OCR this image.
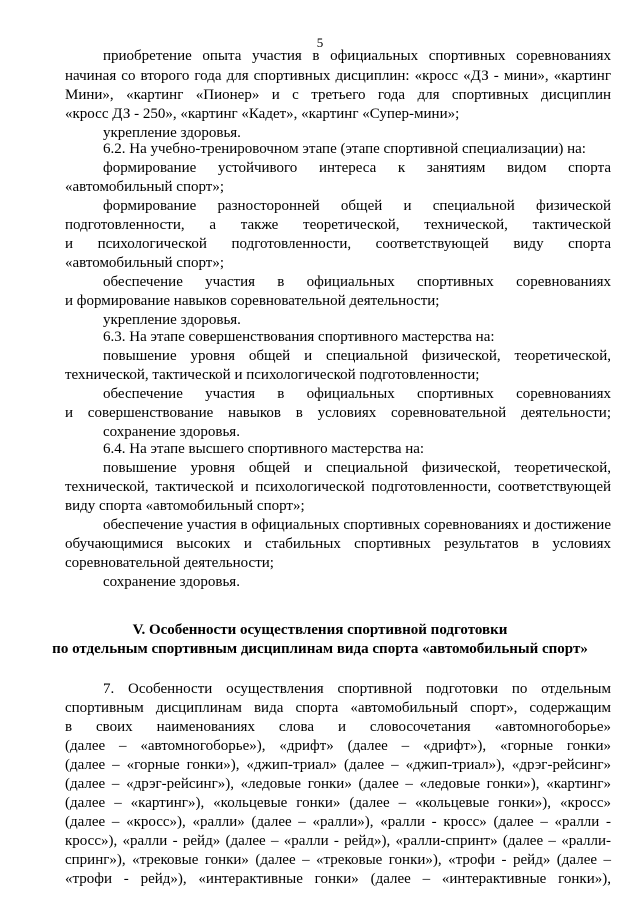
5
приобретение опыта участия в официальных спортивных соревнованиях
начиная со второго года для спортивных дисциплин: «кросс «ДЗ - мини», «картинг
Мини», «картинг «Пионер» и с третьего года для спортивных дисциплин
«кросс ДЗ - 250», «картинг «Кадет», «картинг «Супер-мини»;
укрепление здоровья.
6.2. На учебно-тренировочном этапе (этапе спортивной специализации) на:
формирование устойчивого интереса к занятиям видом спорта
«автомобильный спорт»;
формирование разносторонней общей и специальной физической
подготовленности, а также теоретической, технической, тактической
и психологической подготовленности, соответствующей виду спорта
«автомобильный спорт»;
обеспечение участия в официальных спортивных соревнованиях
и формирование навыков соревновательной деятельности;
укрепление здоровья.
6.3. На этапе совершенствования спортивного мастерства на:
повышение уровня общей и специальной физической, теоретической,
технической, тактической и психологической подготовленности;
обеспечение участия в официальных спортивных соревнованиях
и совершенствование навыков в условиях соревновательной деятельности;
сохранение здоровья.
6.4. На этапе высшего спортивного мастерства на:
повышение уровня общей и специальной физической, теоретической,
технической, тактической и психологической подготовленности, соответствующей
виду спорта «автомобильный спорт»;
обеспечение участия в официальных спортивных соревнованиях и достижение
обучающимися высоких и стабильных спортивных результатов в условиях
соревновательной деятельности;
сохранение здоровья.
V. Особенности осуществления спортивной подготовки
по отдельным спортивным дисциплинам вида спорта «автомобильный спорт»
7. Особенности осуществления спортивной подготовки по отдельным
спортивным дисциплинам вида спорта «автомобильный спорт», содержащим
в своих наименованиях слова и словосочетания «автомногоборье»
(далее – «автомногоборье»), «дрифт» (далее – «дрифт»), «горные гонки»
(далее – «горные гонки»), «джип-триал» (далее – «джип-триал»), «дрэг-рейсинг»
(далее – «дрэг-рейсинг»), «ледовые гонки» (далее – «ледовые гонки»), «картинг»
(далее – «картинг»), «кольцевые гонки» (далее – «кольцевые гонки»), «кросс»
(далее – «кросс»), «ралли» (далее – «ралли»), «ралли - кросс» (далее – «ралли -
кросс»), «ралли - рейд» (далее – «ралли - рейд»), «ралли-спринт» (далее – «ралли-
спринг»), «трековые гонки» (далее – «трековые гонки»), «трофи - рейд» (далее –
«трофи - рейд»), «интерактивные гонки» (далее – «интерактивные гонки»),
